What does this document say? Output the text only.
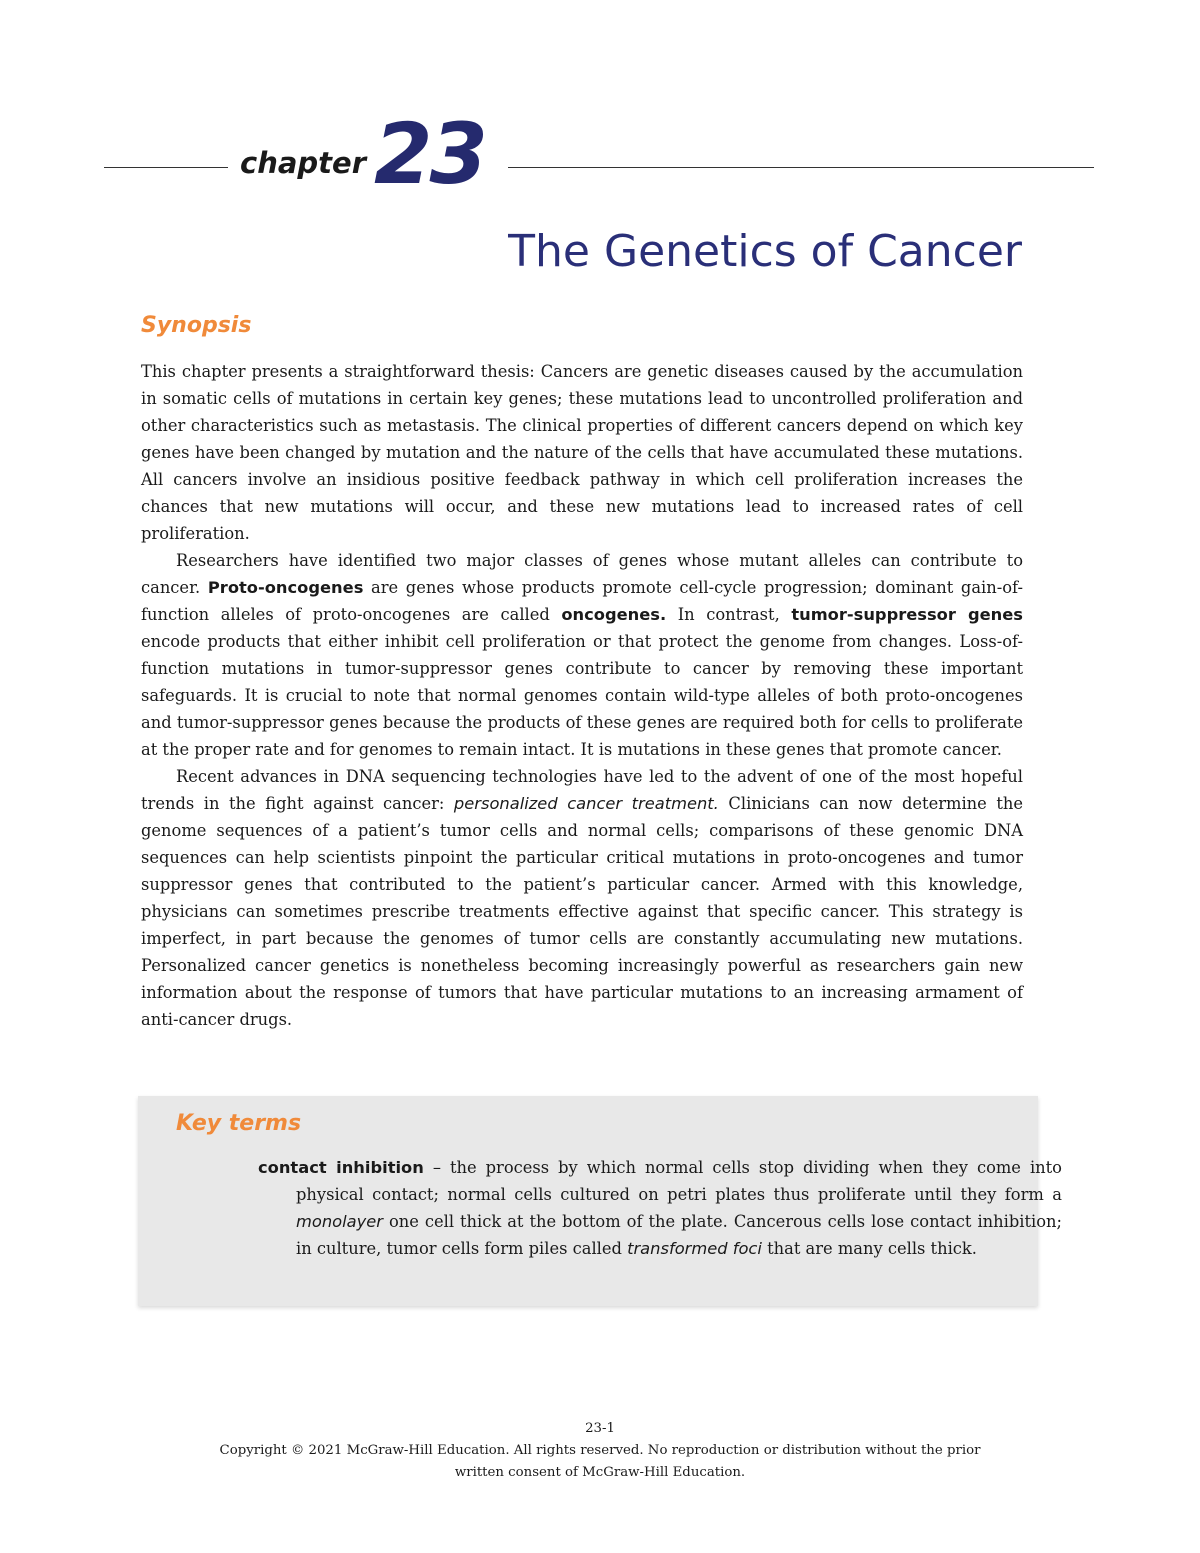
chapter 23
The Genetics of Cancer
Synopsis

This chapter presents a straightforward thesis: Cancers are genetic diseases caused by the accumulation in somatic cells of mutations in certain key genes; these mutations lead to uncontrolled proliferation and other characteristics such as metastasis. The clinical properties of different cancers depend on which key genes have been changed by mutation and the nature of the cells that have accumulated these mutations. All cancers involve an insidious positive feedback pathway in which cell proliferation increases the chances that new mutations will occur, and these new mutations lead to increased rates of cell proliferation.

Researchers have identified two major classes of genes whose mutant alleles can contribute to cancer. Proto-oncogenes are genes whose products promote cell-cycle progression; dominant gain-of-function alleles of proto-oncogenes are called oncogenes. In contrast, tumor-suppressor genes encode products that either inhibit cell proliferation or that protect the genome from changes. Loss-of-function mutations in tumor-suppressor genes contribute to cancer by removing these important safeguards. It is crucial to note that normal genomes contain wild-type alleles of both proto-oncogenes and tumor-suppressor genes because the products of these genes are required both for cells to proliferate at the proper rate and for genomes to remain intact. It is mutations in these genes that promote cancer.

Recent advances in DNA sequencing technologies have led to the advent of one of the most hopeful trends in the fight against cancer: personalized cancer treatment. Clinicians can now determine the genome sequences of a patient’s tumor cells and normal cells; comparisons of these genomic DNA sequences can help scientists pinpoint the particular critical mutations in proto-oncogenes and tumor suppressor genes that contributed to the patient’s particular cancer. Armed with this knowledge, physicians can sometimes prescribe treatments effective against that specific cancer. This strategy is imperfect, in part because the genomes of tumor cells are constantly accumulating new mutations. Personalized cancer genetics is nonetheless becoming increasingly powerful as researchers gain new information about the response of tumors that have particular mutations to an increasing armament of anti-cancer drugs.

Key terms
contact inhibition – the process by which normal cells stop dividing when they come into physical contact; normal cells cultured on petri plates thus proliferate until they form a monolayer one cell thick at the bottom of the plate. Cancerous cells lose contact inhibition; in culture, tumor cells form piles called transformed foci that are many cells thick.
23-1
Copyright © 2021 McGraw-Hill Education. All rights reserved. No reproduction or distribution without the prior
written consent of McGraw-Hill Education.
